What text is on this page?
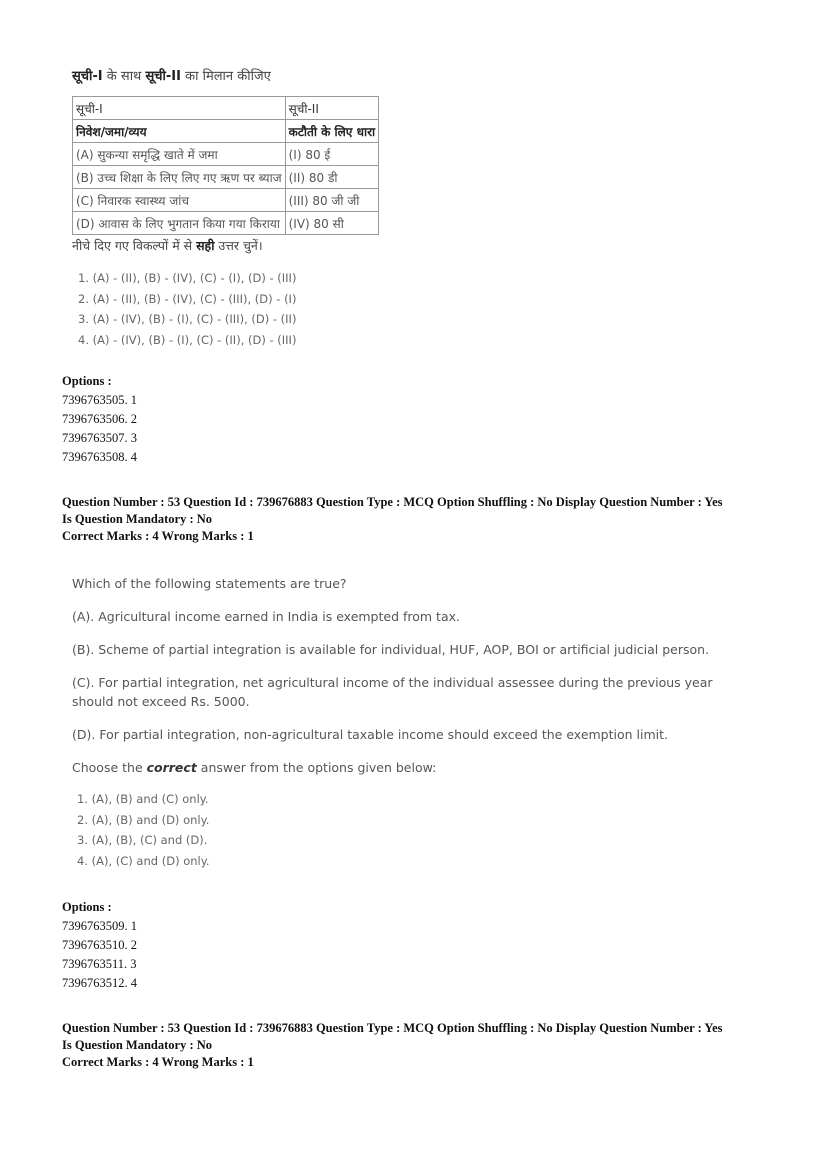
सूची-I के साथ सूची-II का मिलान कीजिए
सूची-I	सूची-II
निवेश/जमा/व्यय	कटौती के लिए धारा
(A) सुकन्या समृद्धि खाते में जमा	(I) 80 ई
(B) उच्च शिक्षा के लिए लिए गए ऋण पर ब्याज	(II) 80 डी
(C) निवारक स्वास्थ्य जांच	(III) 80 जी जी
(D) आवास के लिए भुगतान किया गया किराया	(IV) 80 सी
नीचे दिए गए विकल्पों में से सही उत्तर चुनें।
1. (A) - (II), (B) - (IV), (C) - (I), (D) - (III)
2. (A) - (II), (B) - (IV), (C) - (III), (D) - (I)
3. (A) - (IV), (B) - (I), (C) - (III), (D) - (II)
4. (A) - (IV), (B) - (I), (C) - (II), (D) - (III)
Options :
7396763505. 1
7396763506. 2
7396763507. 3
7396763508. 4
Question Number : 53 Question Id : 739676883 Question Type : MCQ Option Shuffling : No Display Question Number : Yes
Is Question Mandatory : No
Correct Marks : 4 Wrong Marks : 1
Which of the following statements are true?
(A). Agricultural income earned in India is exempted from tax.
(B). Scheme of partial integration is available for individual, HUF, AOP, BOI or artificial judicial person.
(C). For partial integration, net agricultural income of the individual assessee during the previous year should not exceed Rs. 5000.
(D). For partial integration, non-agricultural taxable income should exceed the exemption limit.
Choose the correct answer from the options given below:
1. (A), (B) and (C) only.
2. (A), (B) and (D) only.
3. (A), (B), (C) and (D).
4. (A), (C) and (D) only.
Options :
7396763509. 1
7396763510. 2
7396763511. 3
7396763512. 4
Question Number : 53 Question Id : 739676883 Question Type : MCQ Option Shuffling : No Display Question Number : Yes
Is Question Mandatory : No
Correct Marks : 4 Wrong Marks : 1
